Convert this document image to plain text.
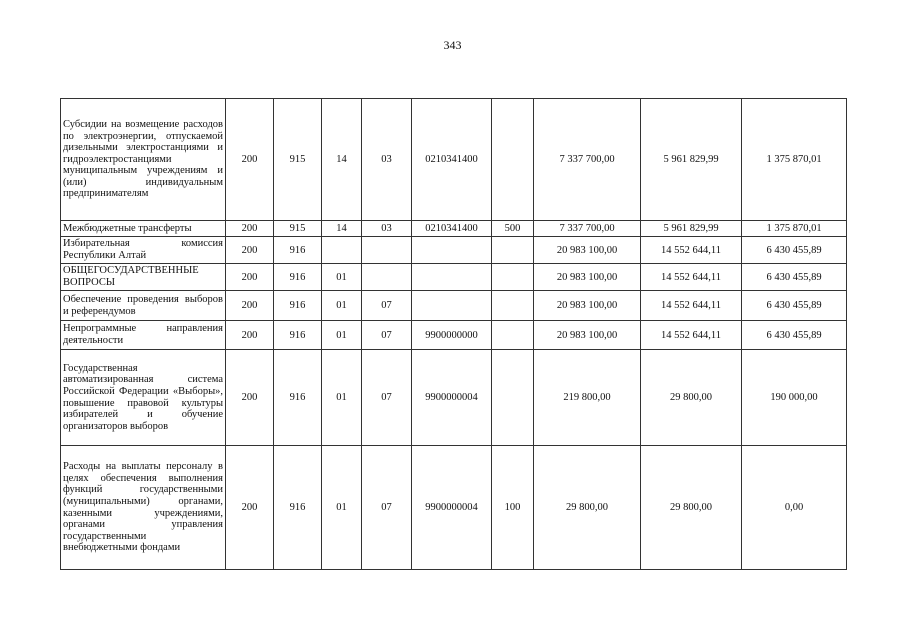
343
Субсидии на возмещение расходов по электроэнергии, отпускаемой дизельными электростанциями и гидроэлектростанциями муниципальным учреждениям и (или) индивидуальным предпринимателям	200	915	14	03	0210341400		7 337 700,00	5 961 829,99	1 375 870,01
Межбюджетные трансферты	200	915	14	03	0210341400	500	7 337 700,00	5 961 829,99	1 375 870,01
Избирательная комиссия Республики Алтай	200	916					20 983 100,00	14 552 644,11	6 430 455,89
ОБЩЕГОСУДАРСТВЕННЫЕ ВОПРОСЫ	200	916	01				20 983 100,00	14 552 644,11	6 430 455,89
Обеспечение проведения выборов и референдумов	200	916	01	07			20 983 100,00	14 552 644,11	6 430 455,89
Непрограммные направления деятельности	200	916	01	07	9900000000		20 983 100,00	14 552 644,11	6 430 455,89
Государственная автоматизированная система Российской Федерации «Выборы», повышение правовой культуры избирателей и обучение организаторов выборов	200	916	01	07	9900000004		219 800,00	29 800,00	190 000,00
Расходы на выплаты персоналу в целях обеспечения выполнения функций государственными (муниципальными) органами, казенными учреждениями, органами управления государственными внебюджетными фондами	200	916	01	07	9900000004	100	29 800,00	29 800,00	0,00
